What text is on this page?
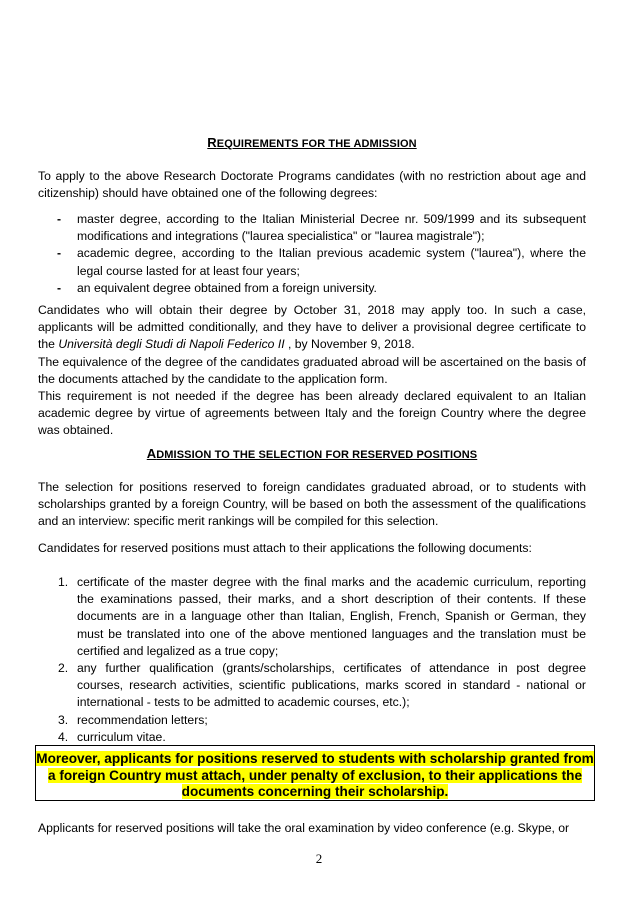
REQUIREMENTS FOR THE ADMISSION
To apply to the above Research Doctorate Programs candidates (with no restriction about age and citizenship) should have obtained one of the following degrees:
- master degree, according to the Italian Ministerial Decree nr. 509/1999 and its subsequent modifications and integrations ("laurea specialistica" or "laurea magistrale");
- academic degree, according to the Italian previous academic system ("laurea"), where the legal course lasted for at least four years;
- an equivalent degree obtained from a foreign university.

Candidates who will obtain their degree by October 31, 2018 may apply too. In such a case, applicants will be admitted conditionally, and they have to deliver a provisional degree certificate to the Università degli Studi di Napoli Federico II , by November 9, 2018.

The equivalence of the degree of the candidates graduated abroad will be ascertained on the basis of the documents attached by the candidate to the application form.

This requirement is not needed if the degree has been already declared equivalent to an Italian academic degree by virtue of agreements between Italy and the foreign Country where the degree was obtained.

ADMISSION TO THE SELECTION FOR RESERVED POSITIONS
The selection for positions reserved to foreign candidates graduated abroad, or to students with scholarships granted by a foreign Country, will be based on both the assessment of the qualifications and an interview: specific merit rankings will be compiled for this selection.
Candidates for reserved positions must attach to their applications the following documents:
1. certificate of the master degree with the final marks and the academic curriculum, reporting the examinations passed, their marks, and a short description of their contents. If these documents are in a language other than Italian, English, French, Spanish or German, they must be translated into one of the above mentioned languages and the translation must be certified and legalized as a true copy;
2. any further qualification (grants/scholarships, certificates of attendance in post degree courses, research activities, scientific publications, marks scored in standard - national or international - tests to be admitted to academic courses, etc.);
3. recommendation letters;
4. curriculum vitae.
Applicants for reserved positions will take the oral examination by video conference (e.g. Skype, or
Moreover, applicants for positions reserved to students with scholarship granted from
a foreign Country must attach, under penalty of exclusion, to their applications the
documents concerning their scholarship.
2
